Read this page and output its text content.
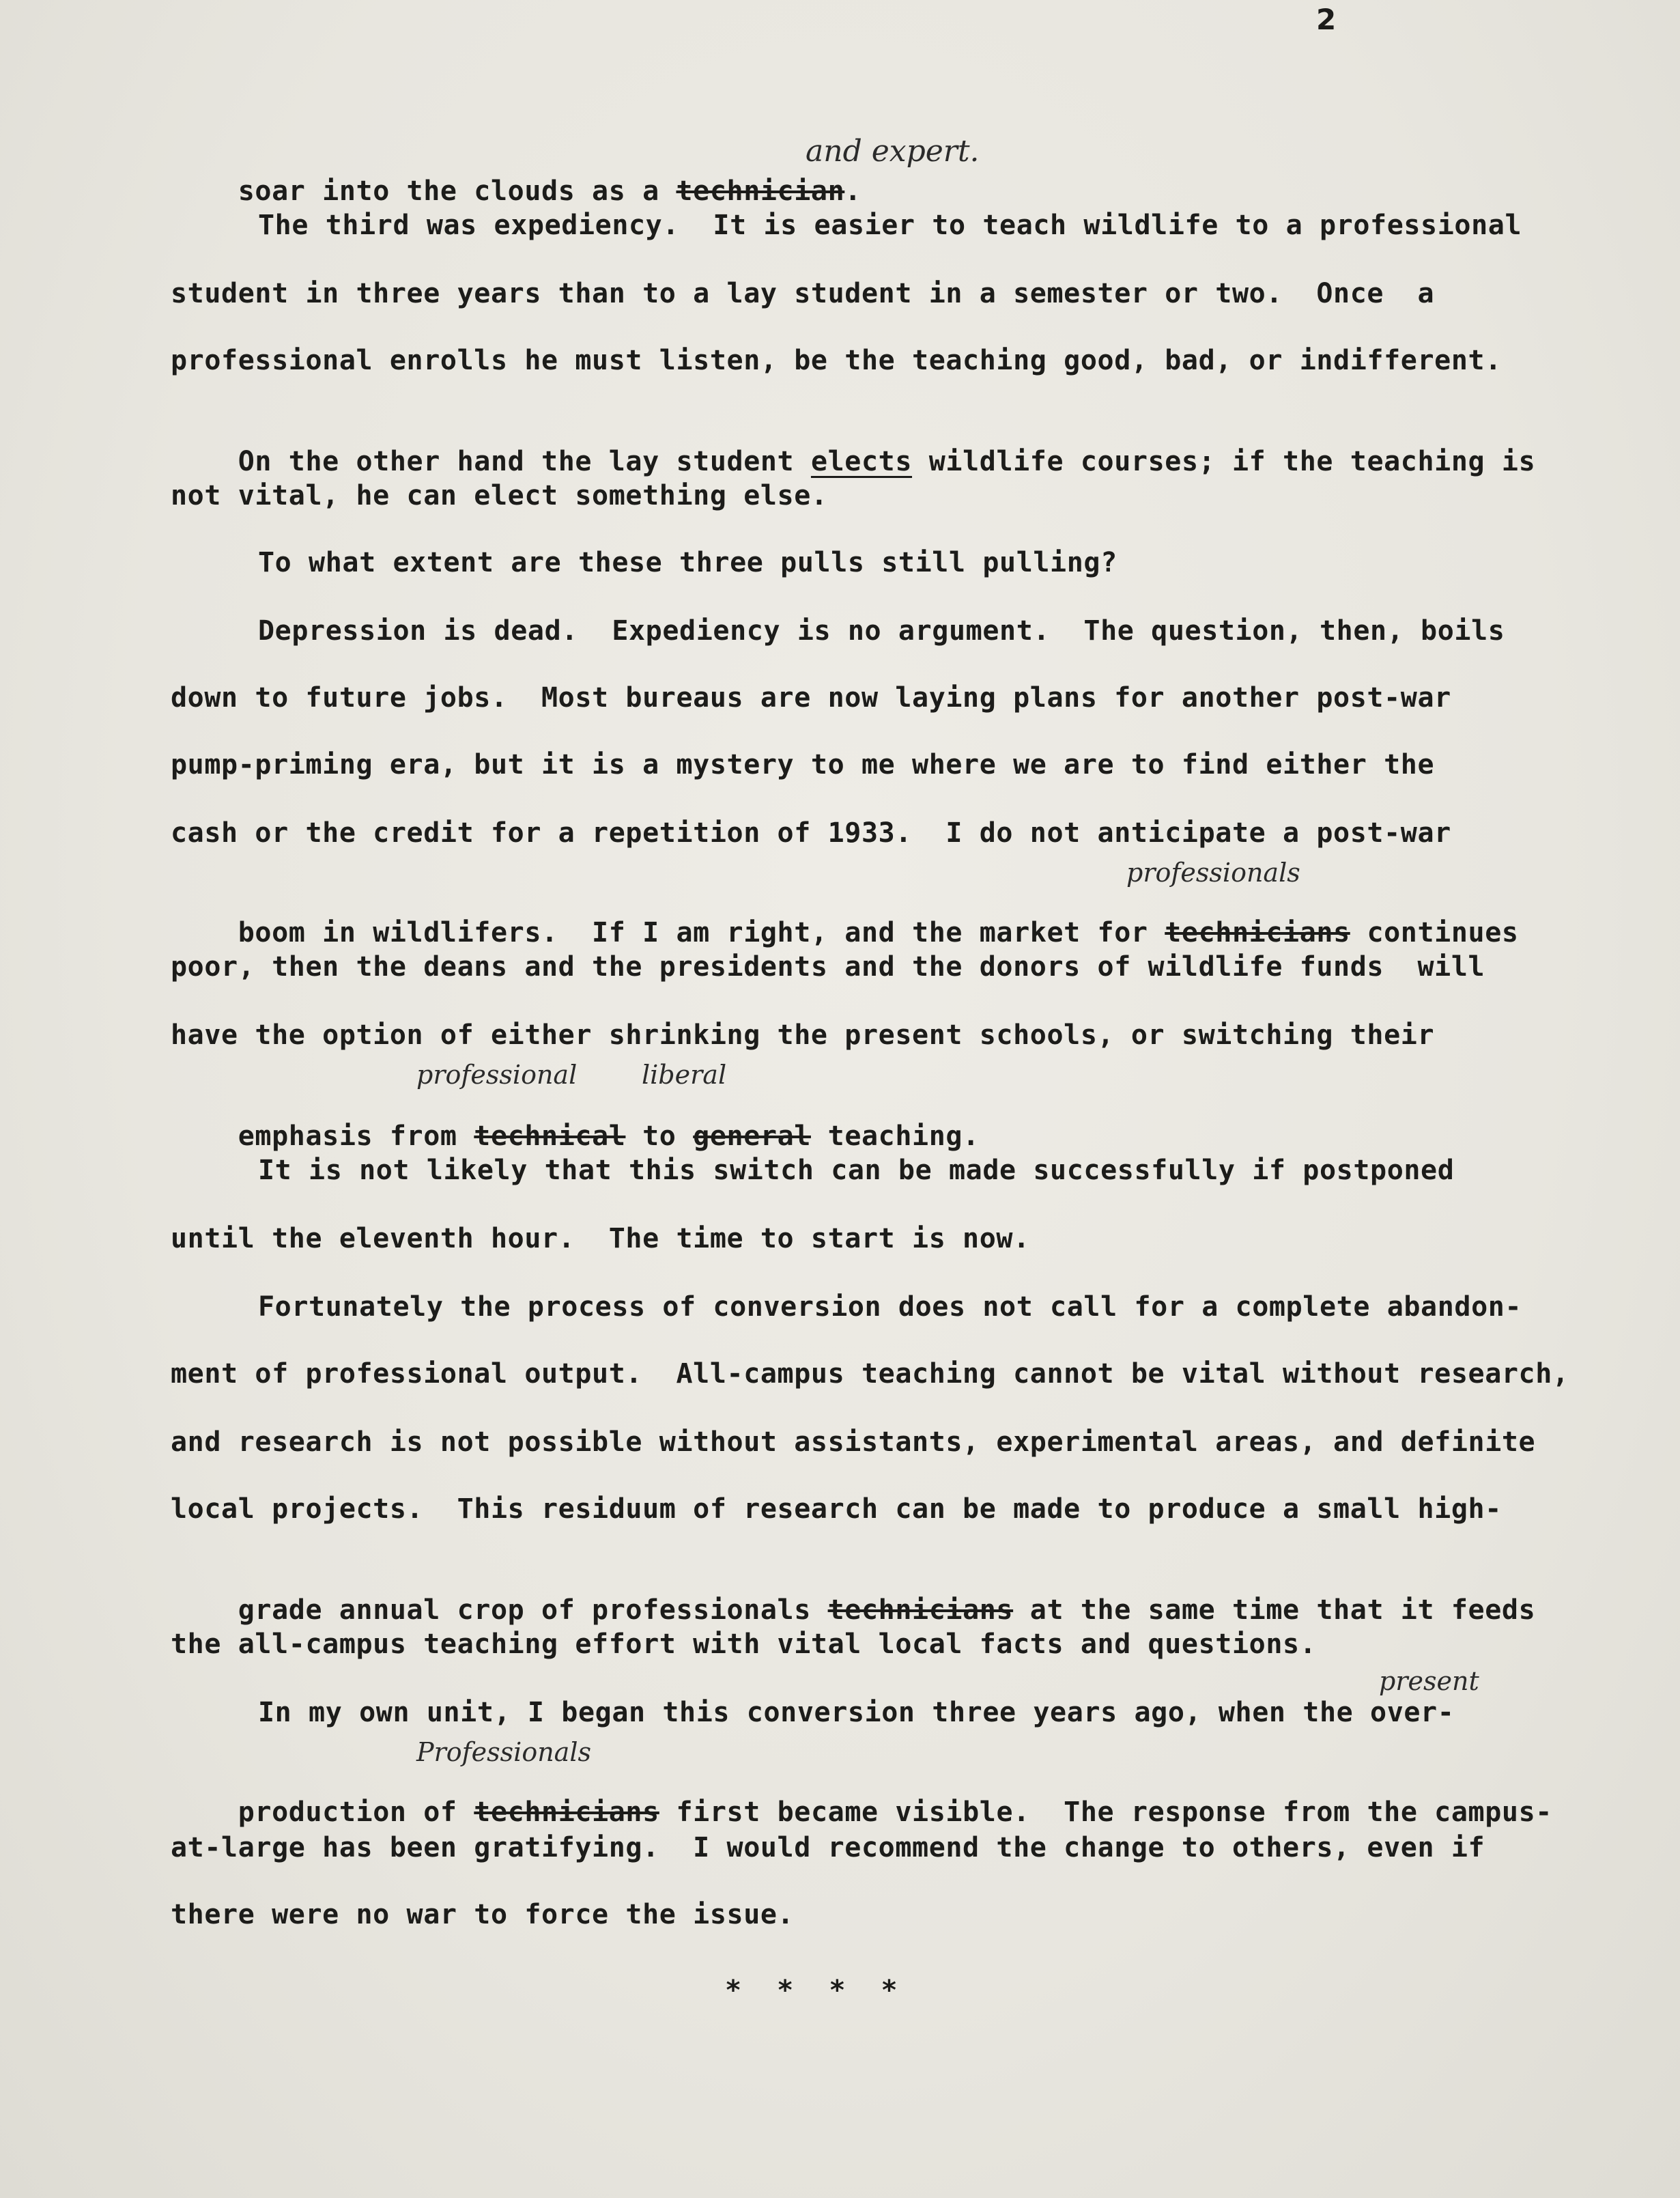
2

soar into the clouds as a technician.

and expert.
The third was expediency.  It is easier to teach wildlife to a professional
student in three years than to a lay student in a semester or two.  Once  a
professional enrolls he must listen, be the teaching good, bad, or indifferent.

On the other hand the lay student elects wildlife courses; if the teaching is

not vital, he can elect something else.
To what extent are these three pulls still pulling?
Depression is dead.  Expediency is no argument.  The question, then, boils
down to future jobs.  Most bureaus are now laying plans for another post-war
pump-priming era, but it is a mystery to me where we are to find either the
cash or the credit for a repetition of 1933.  I do not anticipate a post-war
professionals

boom in wildlifers.  If I am right, and the market for technicians continues

poor, then the deans and the presidents and the donors of wildlife funds  will
have the option of either shrinking the present schools, or switching their
professional liberal

emphasis from technical to general teaching.

It is not likely that this switch can be made successfully if postponed
until the eleventh hour.  The time to start is now.
Fortunately the process of conversion does not call for a complete abandon-
ment of professional output.  All-campus teaching cannot be vital without research,
and research is not possible without assistants, experimental areas, and definite
local projects.  This residuum of research can be made to produce a small high-

grade annual crop of professionals technicians at the same time that it feeds

the all-campus teaching effort with vital local facts and questions.
present
In my own unit, I began this conversion three years ago, when the over-
Professionals

production of technicians first became visible.  The response from the campus-

at-large has been gratifying.  I would recommend the change to others, even if
there were no war to force the issue.
* * * *
